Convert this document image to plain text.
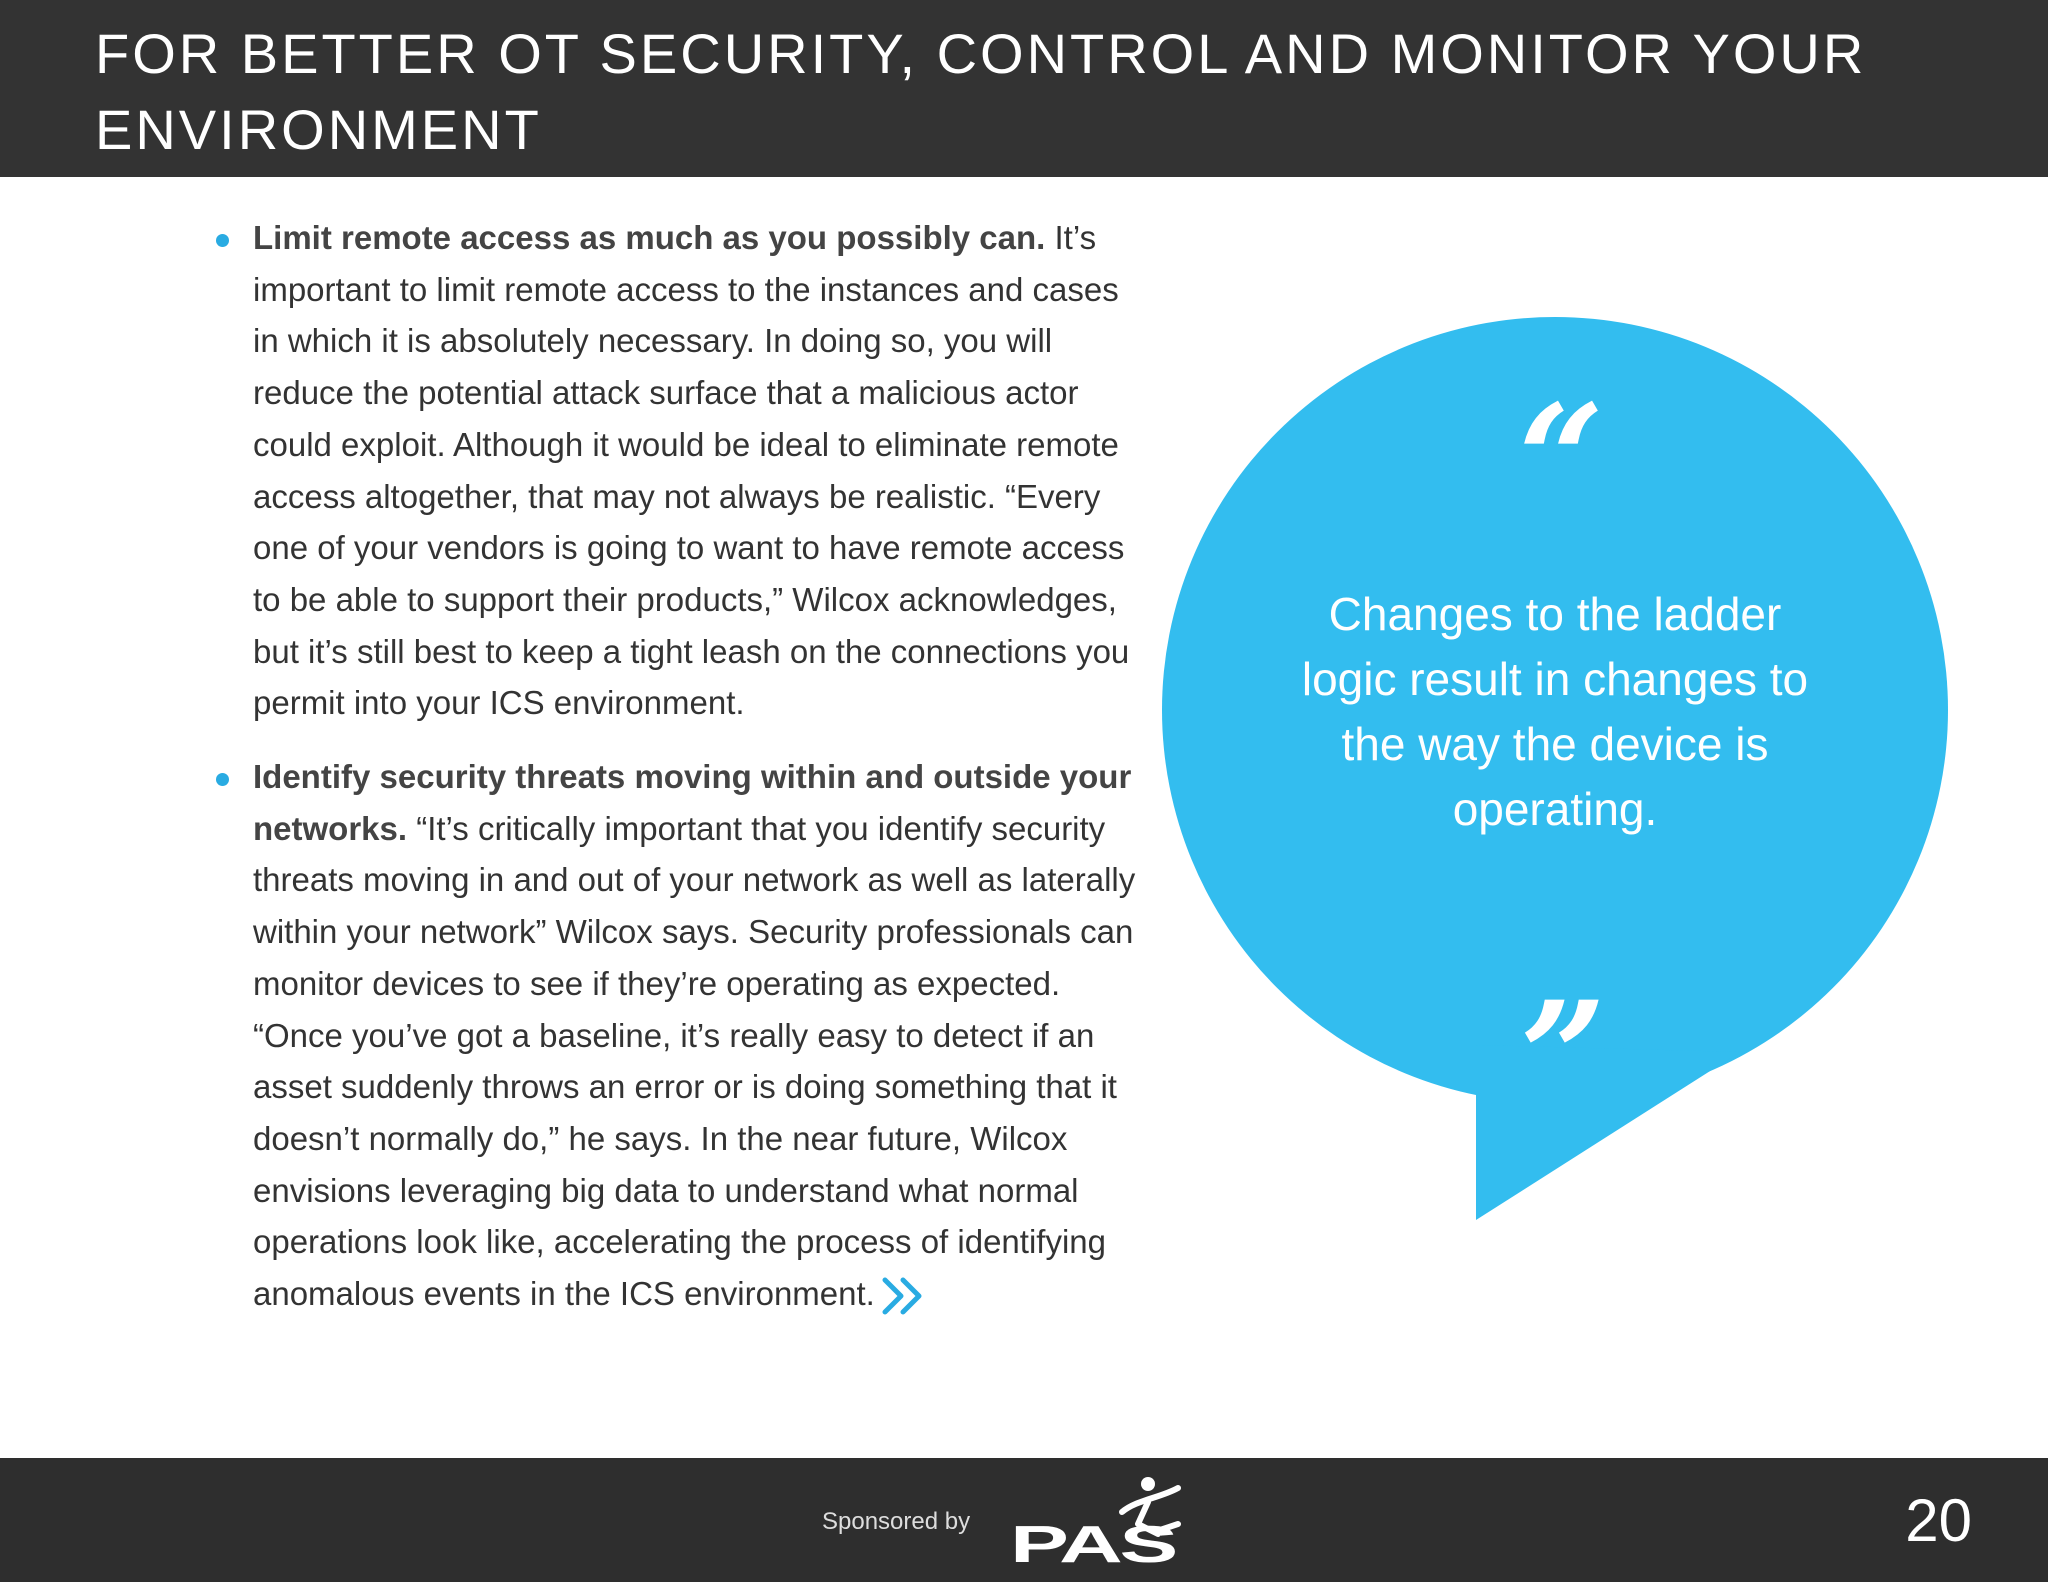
FOR BETTER OT SECURITY, CONTROL AND MONITOR YOUR ENVIRONMENT
Limit remote access as much as you possibly can. It’s important to limit remote access to the instances and cases in which it is absolutely necessary. In doing so, you will reduce the potential attack surface that a malicious actor could exploit. Although it would be ideal to eliminate remote access altogether, that may not always be realistic. “Every one of your vendors is going to want to have remote access to be able to support their products,” Wilcox acknowledges, but it’s still best to keep a tight leash on the connections you permit into your ICS environment.
Identify security threats moving within and outside your networks. “It’s critically important that you identify security threats moving in and out of your network as well as laterally within your network” Wilcox says. Security professionals can monitor devices to see if they’re operating as expected. “Once you’ve got a baseline, it’s really easy to detect if an asset suddenly throws an error or is doing something that it doesn’t normally do,” he says. In the near future, Wilcox envisions leveraging big data to understand what normal operations look like, accelerating the process of identifying anomalous events in the ICS environment.
“
Changes to the ladder logic result in changes to the way the device is operating.
”
Sponsored by PAS	20
